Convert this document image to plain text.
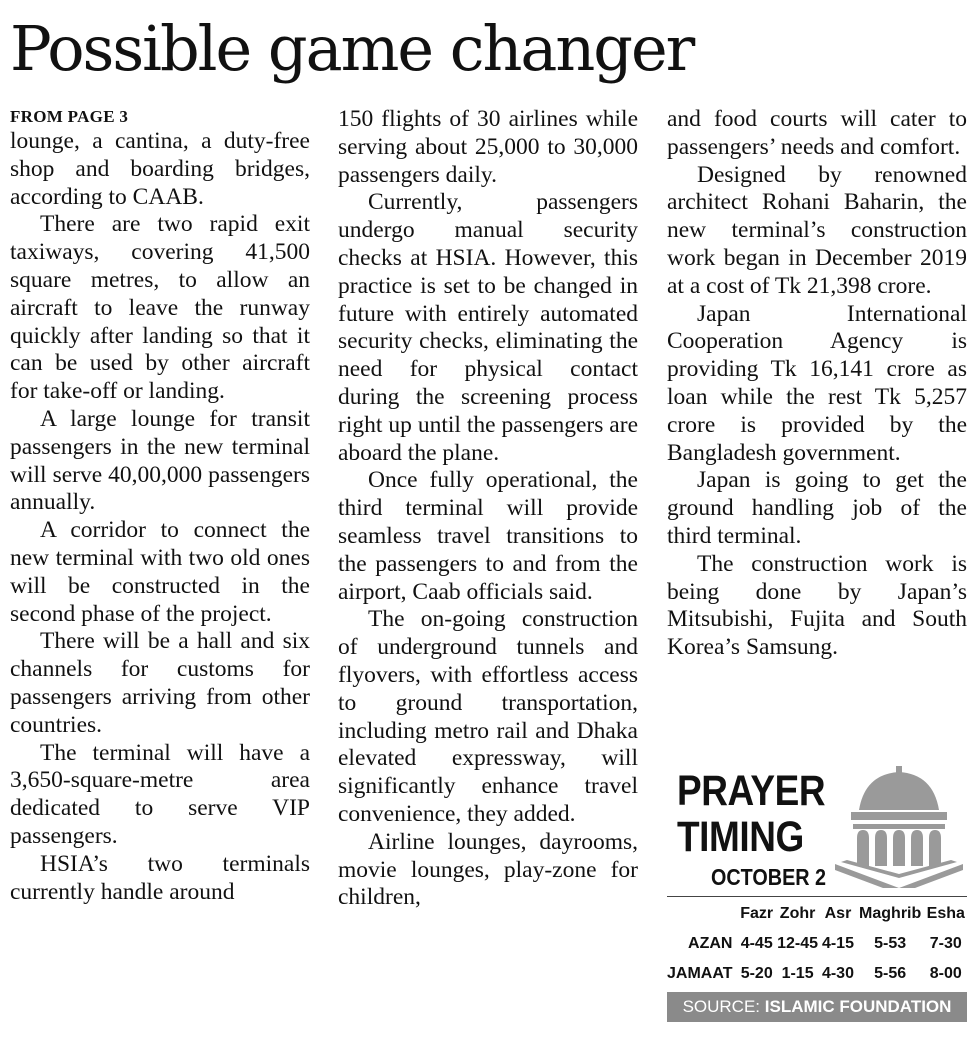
Possible game changer
FROM PAGE 3

lounge, a cantina, a duty-free shop and boarding bridges, according to CAAB.

There are two rapid exit taxiways, covering 41,500 square metres, to allow an aircraft to leave the runway quickly after landing so that it can be used by other aircraft for take-off or landing.

A large lounge for transit passengers in the new terminal will serve 40,00,000 passengers annually.

A corridor to connect the new terminal with two old ones will be constructed in the second phase of the project.

There will be a hall and six channels for customs for passengers arriving from other countries.

The terminal will have a 3,650-square-metre area dedicated to serve VIP passengers.

HSIA’s two terminals currently handle around

150 flights of 30 airlines while serving about 25,000 to 30,000 passengers daily.

Currently, passengers undergo manual security checks at HSIA. However, this practice is set to be changed in future with entirely automated security checks, eliminating the need for physical contact during the screening process right up until the passengers are aboard the plane.

Once fully operational, the third terminal will provide seamless travel transitions to the passengers to and from the airport, Caab officials said.

The on-going construction of underground tunnels and flyovers, with effortless access to ground transportation, including metro rail and Dhaka elevated expressway, will significantly enhance travel convenience, they added.

Airline lounges, dayrooms, movie lounges, play-zone for children,

and food courts will cater to passengers’ needs and comfort.

Designed by renowned architect Rohani Baharin, the new terminal’s construction work began in December 2019 at a cost of Tk 21,398 crore.

Japan International Cooperation Agency is providing Tk 16,141 crore as loan while the rest Tk 5,257 crore is provided by the Bangladesh government.

Japan is going to get the ground handling job of the third terminal.

The construction work is being done by Japan’s Mitsubishi, Fujita and South Korea’s Samsung.

PRAYER
TIMING
OCTOBER 2
	Fazr	Zohr	Asr	Maghrib	Esha
AZAN	4-45	12-45	4-15	5-53	7-30
JAMAAT	5-20	1-15	4-30	5-56	8-00
SOURCE: ISLAMIC FOUNDATION
